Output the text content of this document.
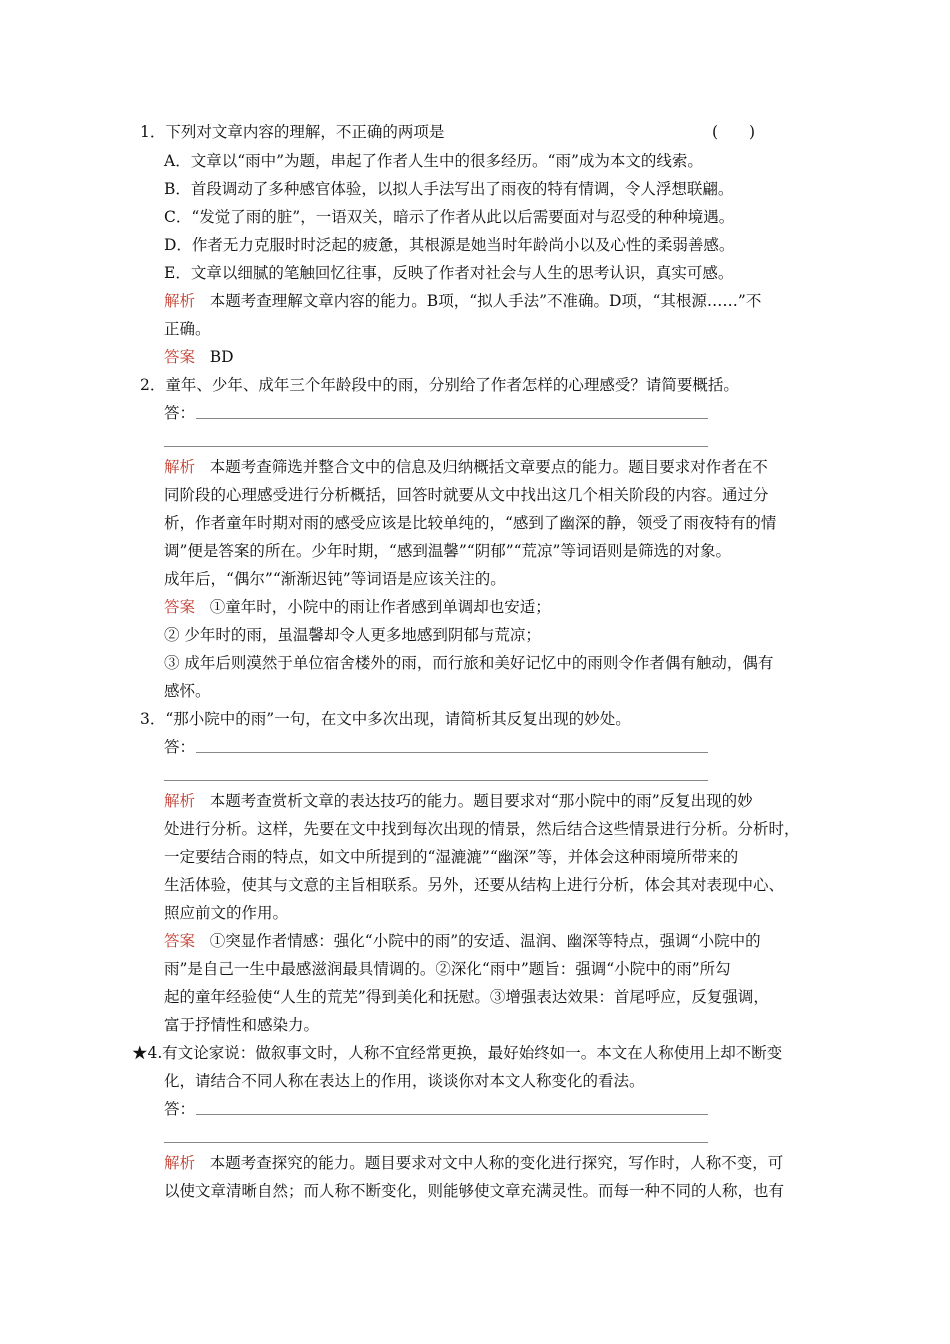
1．下列对文章内容的理解，不正确的两项是	(　　)
A．文章以“雨中”为题，串起了作者人生中的很多经历。“雨”成为本文的线索。
B．首段调动了多种感官体验，以拟人手法写出了雨夜的特有情调，令人浮想联翩。
C．“发觉了雨的脏”，一语双关，暗示了作者从此以后需要面对与忍受的种种境遇。
D．作者无力克服时时泛起的疲惫，其根源是她当时年龄尚小以及心性的柔弱善感。
E．文章以细腻的笔触回忆往事，反映了作者对社会与人生的思考认识，真实可感。
解析 本题考查理解文章内容的能力。B项，“拟人手法”不准确。D项，“其根源……”不
正确。
答案 BD
2．童年、少年、成年三个年龄段中的雨，分别给了作者怎样的心理感受？请简要概括。
答：
解析 本题考查筛选并整合文中的信息及归纳概括文章要点的能力。题目要求对作者在不
同阶段的心理感受进行分析概括，回答时就要从文中找出这几个相关阶段的内容。通过分
析，作者童年时期对雨的感受应该是比较单纯的，“感到了幽深的静，领受了雨夜特有的情
调”便是答案的所在。少年时期，“感到温馨”“阴郁”“荒凉”等词语则是筛选的对象。
成年后，“偶尔”“渐渐迟钝”等词语是应该关注的。
答案 ①童年时，小院中的雨让作者感到单调却也安适；
② 少年时的雨，虽温馨却令人更多地感到阴郁与荒凉；
③ 成年后则漠然于单位宿舍楼外的雨，而行旅和美好记忆中的雨则令作者偶有触动，偶有
感怀。
3．“那小院中的雨”一句，在文中多次出现，请简析其反复出现的妙处。
答：
解析 本题考查赏析文章的表达技巧的能力。题目要求对“那小院中的雨”反复出现的妙
处进行分析。这样，先要在文中找到每次出现的情景，然后结合这些情景进行分析。分析时，
一定要结合雨的特点，如文中所提到的“湿漉漉”“幽深”等，并体会这种雨境所带来的
生活体验，使其与文意的主旨相联系。另外，还要从结构上进行分析，体会其对表现中心、
照应前文的作用。
答案 ①突显作者情感：强化“小院中的雨”的安适、温润、幽深等特点，强调“小院中的
雨”是自己一生中最感滋润最具情调的。②深化“雨中”题旨：强调“小院中的雨”所勾
起的童年经验使“人生的荒芜”得到美化和抚慰。③增强表达效果：首尾呼应，反复强调，
富于抒情性和感染力。
★4.有文论家说：做叙事文时，人称不宜经常更换，最好始终如一。本文在人称使用上却不断变
化，请结合不同人称在表达上的作用，谈谈你对本文人称变化的看法。
答：
解析 本题考查探究的能力。题目要求对文中人称的变化进行探究，写作时，人称不变，可
以使文章清晰自然；而人称不断变化，则能够使文章充满灵性。而每一种不同的人称，也有
